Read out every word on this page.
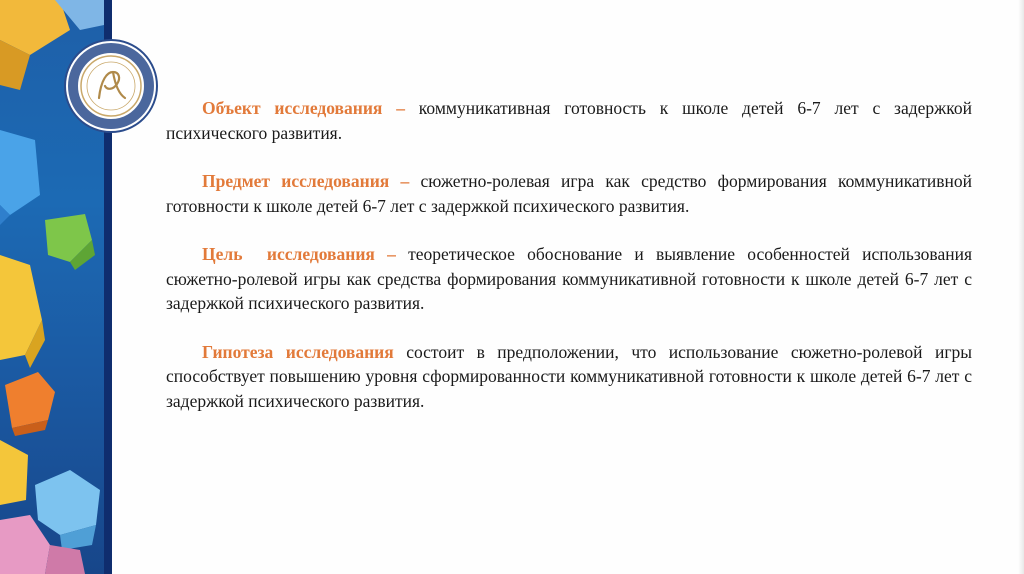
Объект исследования – коммуникативная готовность к школе детей 6-7 лет с задержкой психического развития.

Предмет исследования – сюжетно-ролевая игра как средство формирования коммуникативной готовности к школе детей 6-7 лет с задержкой психического развития.

Цель  исследования – теоретическое обоснование и выявление особенностей использования сюжетно-ролевой игры как средства формирования коммуникативной готовности к школе детей 6-7 лет с задержкой психического развития.

Гипотеза исследования состоит в предположении, что использование сюжетно-ролевой игры способствует повышению уровня сформированности коммуникативной готовности к школе детей 6-7 лет с задержкой психического развития.
